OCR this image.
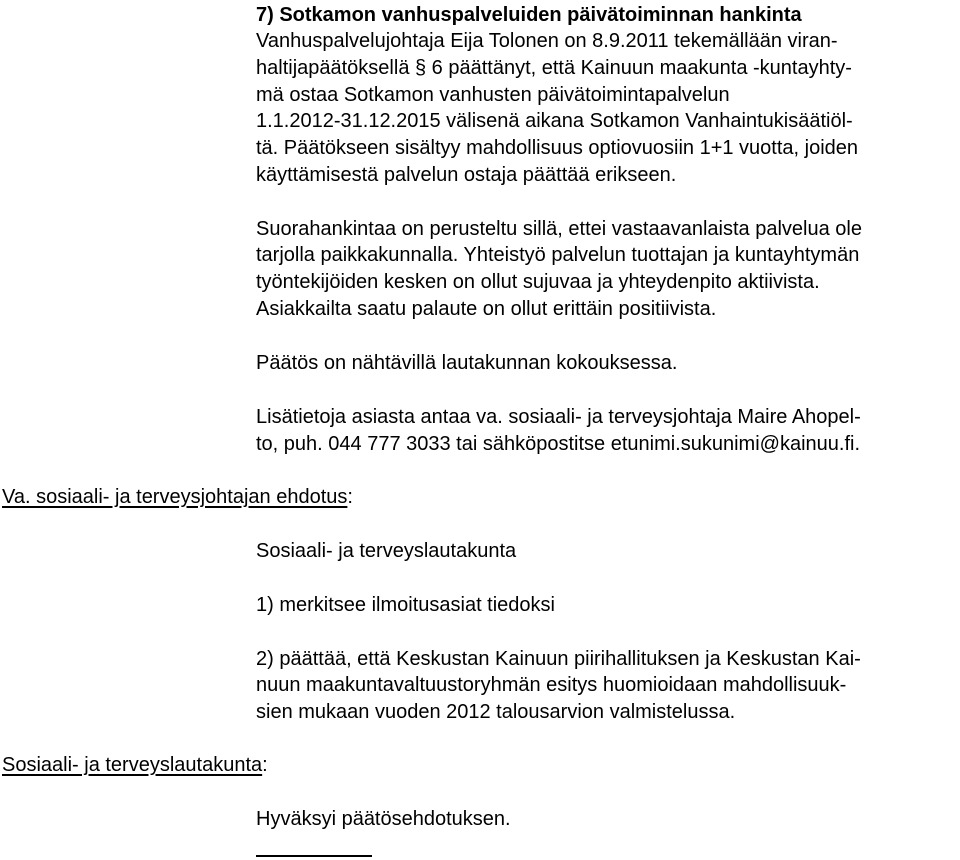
7) Sotkamon vanhuspalveluiden päivätoiminnan hankinta
Vanhuspalvelujohtaja Eija Tolonen on 8.9.2011 tekemällään viran-
haltijapäätöksellä § 6 päättänyt, että Kainuun maakunta -kuntayhty-
mä ostaa Sotkamon vanhusten päivätoimintapalvelun
1.1.2012-31.12.2015 välisenä aikana Sotkamon Vanhaintukisäätiöl-
tä. Päätökseen sisältyy mahdollisuus optiovuosiin 1+1 vuotta, joiden
käyttämisestä palvelun ostaja päättää erikseen.
Suorahankintaa on perusteltu sillä, ettei vastaavanlaista palvelua ole
tarjolla paikkakunnalla. Yhteistyö palvelun tuottajan ja kuntayhtymän
työntekijöiden kesken on ollut sujuvaa ja yhteydenpito aktiivista.
Asiakkailta saatu palaute on ollut erittäin positiivista.
Päätös on nähtävillä lautakunnan kokouksessa.
Lisätietoja asiasta antaa va. sosiaali- ja terveysjohtaja Maire Ahopel-
to, puh. 044 777 3033 tai sähköpostitse etunimi.sukunimi@kainuu.fi.
Va. sosiaali- ja terveysjohtajan ehdotus:
Sosiaali- ja terveyslautakunta
1) merkitsee ilmoitusasiat tiedoksi
2) päättää, että Keskustan Kainuun piirihallituksen ja Keskustan Kai-
nuun maakuntavaltuustoryhmän esitys huomioidaan mahdollisuuk-
sien mukaan vuoden 2012 talousarvion valmistelussa.
Sosiaali- ja terveyslautakunta:
Hyväksyi päätösehdotuksen.
